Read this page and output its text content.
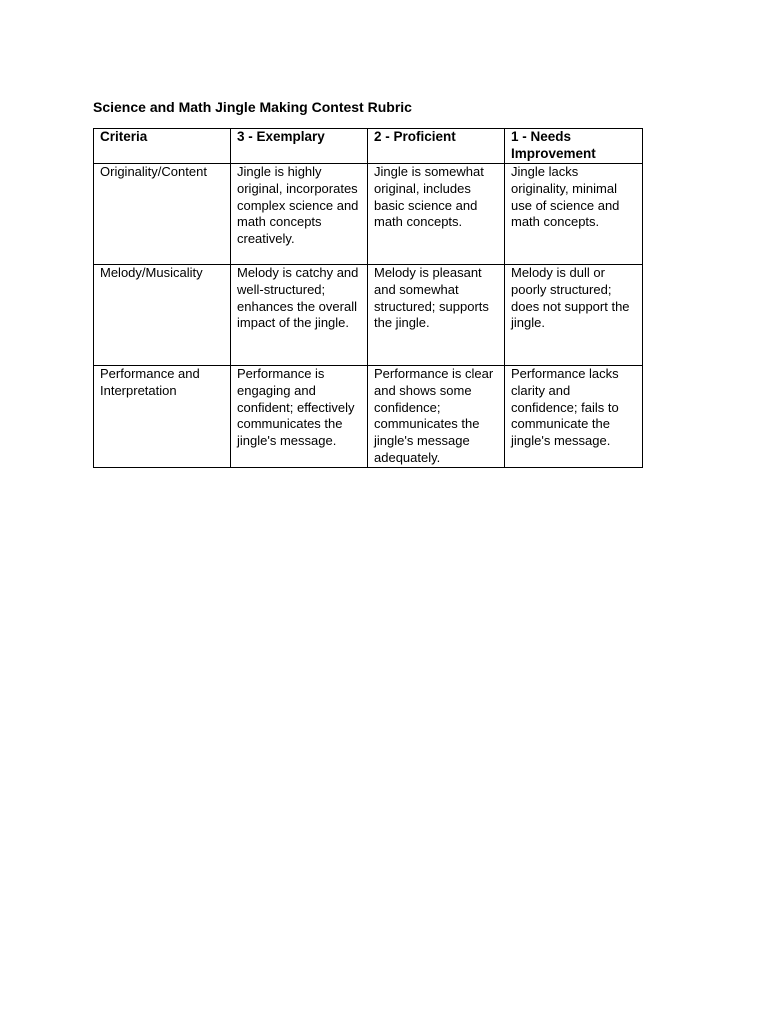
Science and Math Jingle Making Contest Rubric
Criteria	3 - Exemplary	2 - Proficient	1 - Needs Improvement
Originality/Content	Jingle is highly original, incorporates complex science and math concepts creatively.	Jingle is somewhat original, includes basic science and math concepts.	Jingle lacks originality, minimal use of science and math concepts.
Melody/Musicality	Melody is catchy and well-structured; enhances the overall impact of the jingle.	Melody is pleasant and somewhat structured; supports the jingle.	Melody is dull or poorly structured; does not support the jingle.
Performance and Interpretation	Performance is engaging and confident; effectively communicates the jingle's message.	Performance is clear and shows some confidence; communicates the jingle's message adequately.	Performance lacks clarity and confidence; fails to communicate the jingle's message.
